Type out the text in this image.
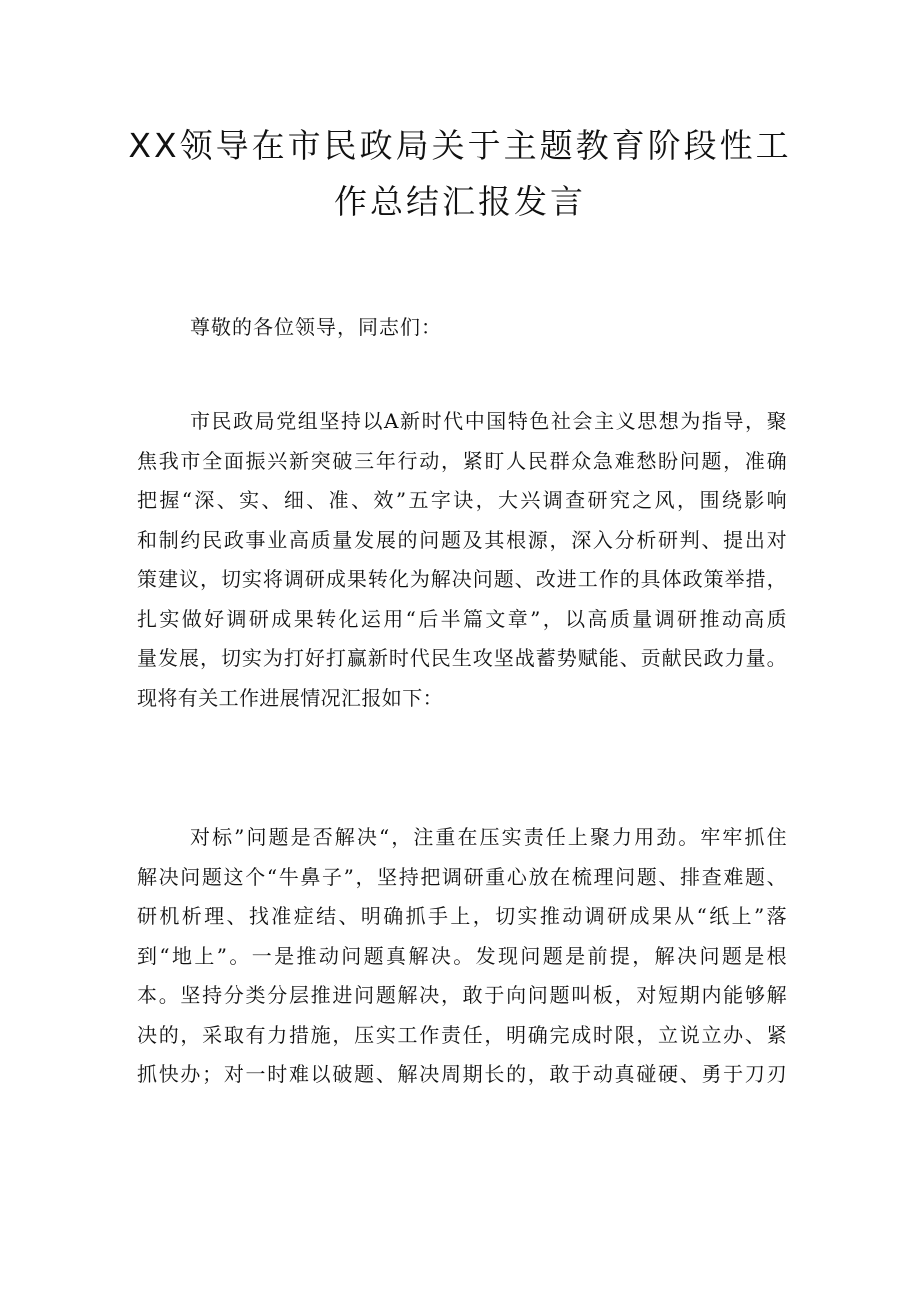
XX领导在市民政局关于主题教育阶段性工
作总结汇报发言

尊敬的各位领导，同志们：

市民政局党组坚持以A新时代中国特色社会主义思想为指导，聚
焦我市全面振兴新突破三年行动，紧盯人民群众急难愁盼问题，准确
把握“深、实、细、准、效”五字诀，大兴调查研究之风，围绕影响
和制约民政事业高质量发展的问题及其根源，深入分析研判、提出对
策建议，切实将调研成果转化为解决问题、改进工作的具体政策举措，
扎实做好调研成果转化运用“后半篇文章”，以高质量调研推动高质
量发展，切实为打好打赢新时代民生攻坚战蓄势赋能、贡献民政力量。
现将有关工作进展情况汇报如下：
对标”问题是否解决“，注重在压实责任上聚力用劲。牢牢抓住
解决问题这个“牛鼻子”，坚持把调研重心放在梳理问题、排查难题、
研机析理、找准症结、明确抓手上，切实推动调研成果从“纸上”落
到“地上”。一是推动问题真解决。发现问题是前提，解决问题是根
本。坚持分类分层推进问题解决，敢于向问题叫板，对短期内能够解
决的，采取有力措施，压实工作责任，明确完成时限，立说立办、紧
抓快办；对一时难以破题、解决周期长的，敢于动真碰硬、勇于刀刃
